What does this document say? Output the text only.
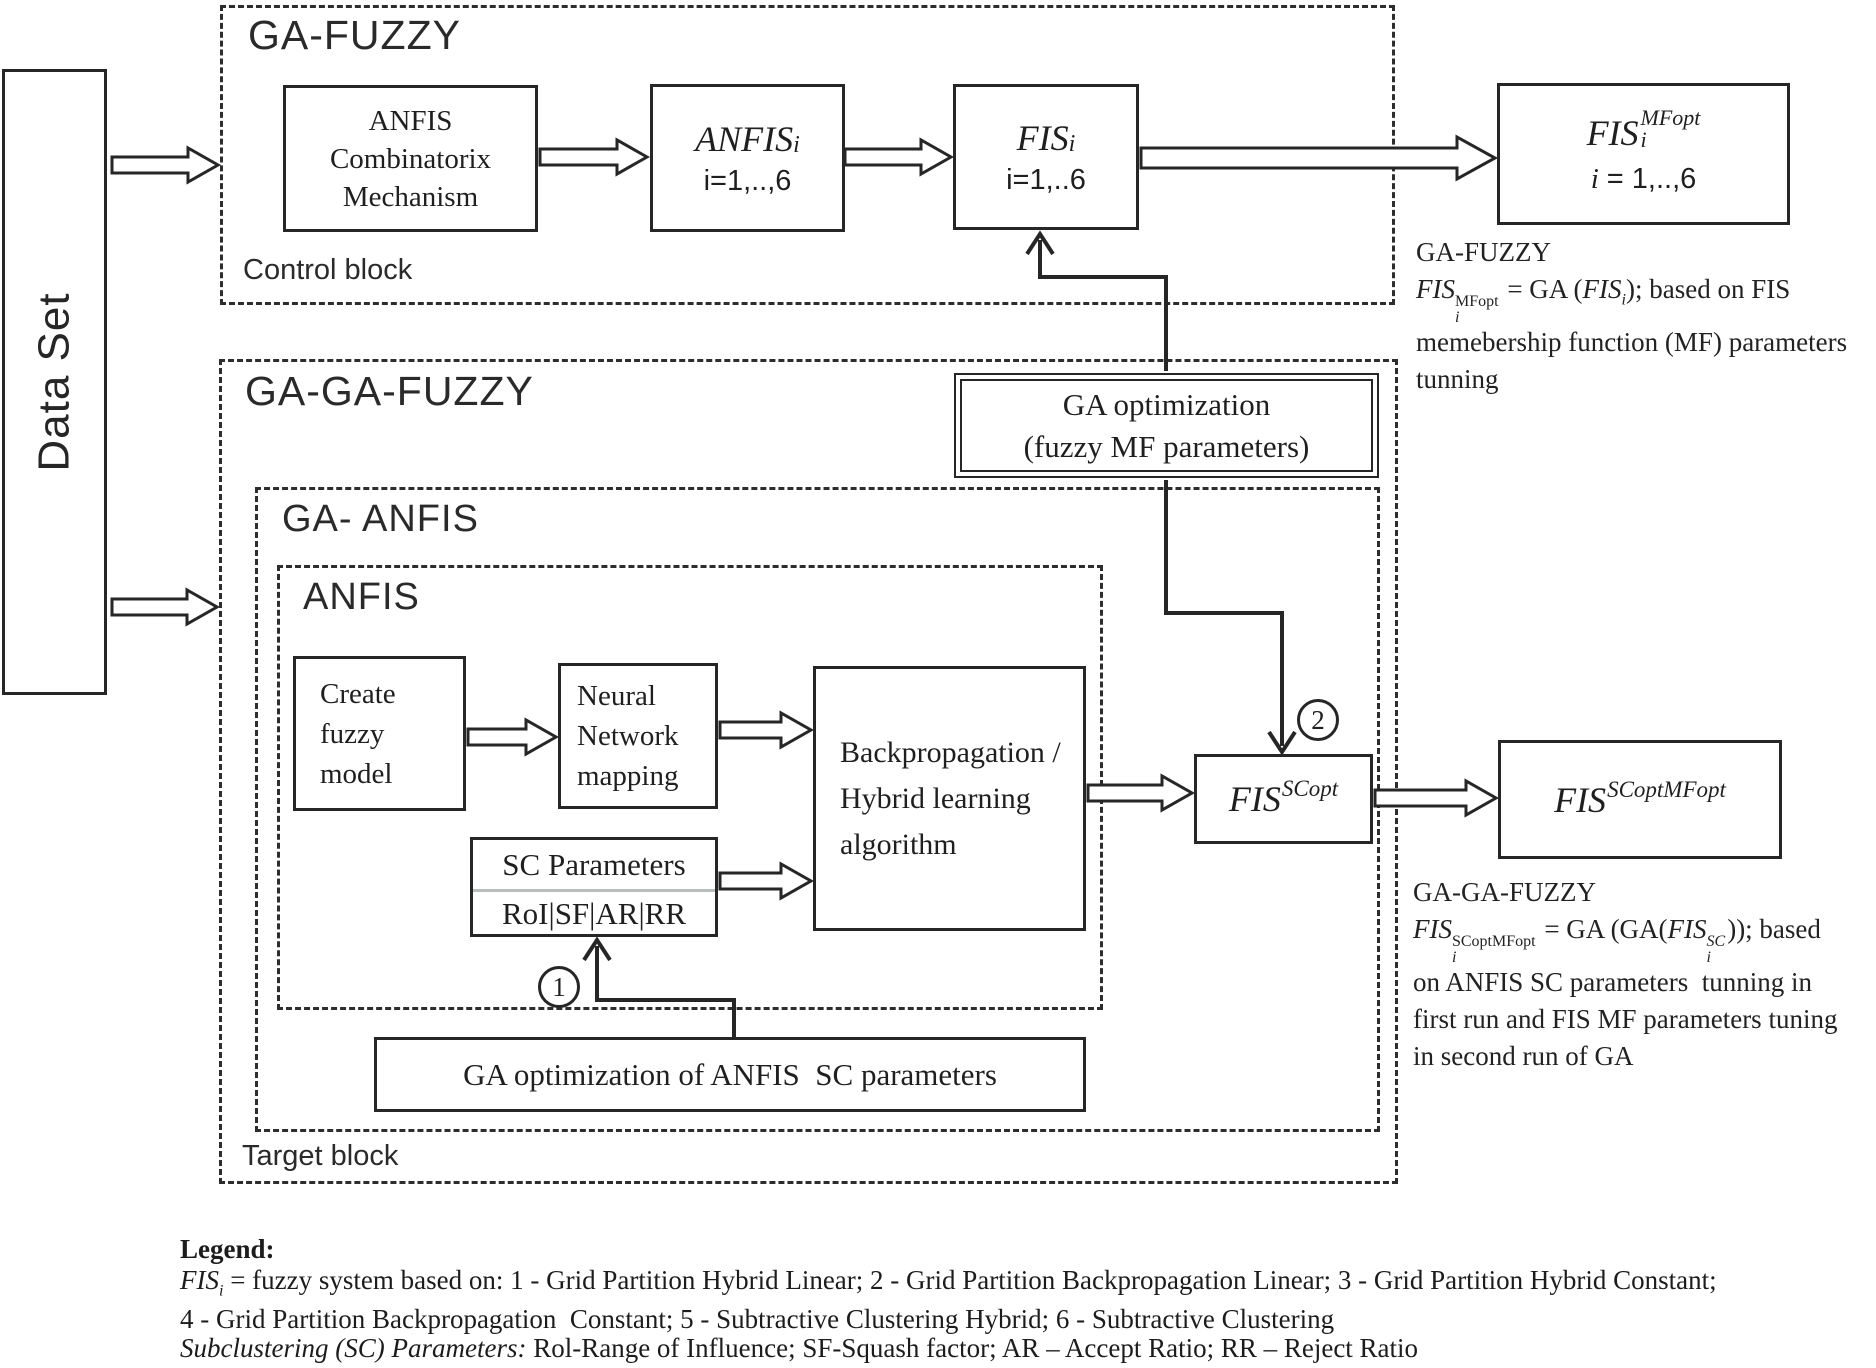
Data Set
GA-FUZZY
Control block
GA-GA-FUZZY
GA- ANFIS
ANFIS
Target block
ANFIS
Combinatorix
Mechanism
ANFIS i
i=1,..,6
FIS i
i=1,..6
FIS MFopt
i
i = 1,..,6
GA optimization
(fuzzy MF parameters)
Create
fuzzy
model
Neural
Network
mapping
Backpropagation /
Hybrid learning
algorithm
SC Parameters
RoI|SF|AR|RR
FIS SCopt	FIS SCoptMFopt
GA optimization of ANFIS  SC parameters
1
2
GA-FUZZY
FIS MFopt
i
= GA $(FIS_i)$; based on FIS
memebership function (MF) parameters
tunning
GA-GA-FUZZY
FIS SCoptMFopt
i
= GA (GA(FIS SC
i
)); based
on ANFIS SC parameters  tunning in
first run and FIS MF parameters tuning
in second run of GA
Legend:
$FIS_i$ = fuzzy system based on: 1 - Grid Partition Hybrid Linear; 2 - Grid Partition Backpropagation Linear; 3 - Grid Partition Hybrid Constant;
4 - Grid Partition Backpropagation  Constant; 5 - Subtractive Clustering Hybrid; 6 - Subtractive Clustering
Subclustering (SC) Parameters: Rol-Range of Influence; SF-Squash factor; AR – Accept Ratio; RR – Reject Ratio
